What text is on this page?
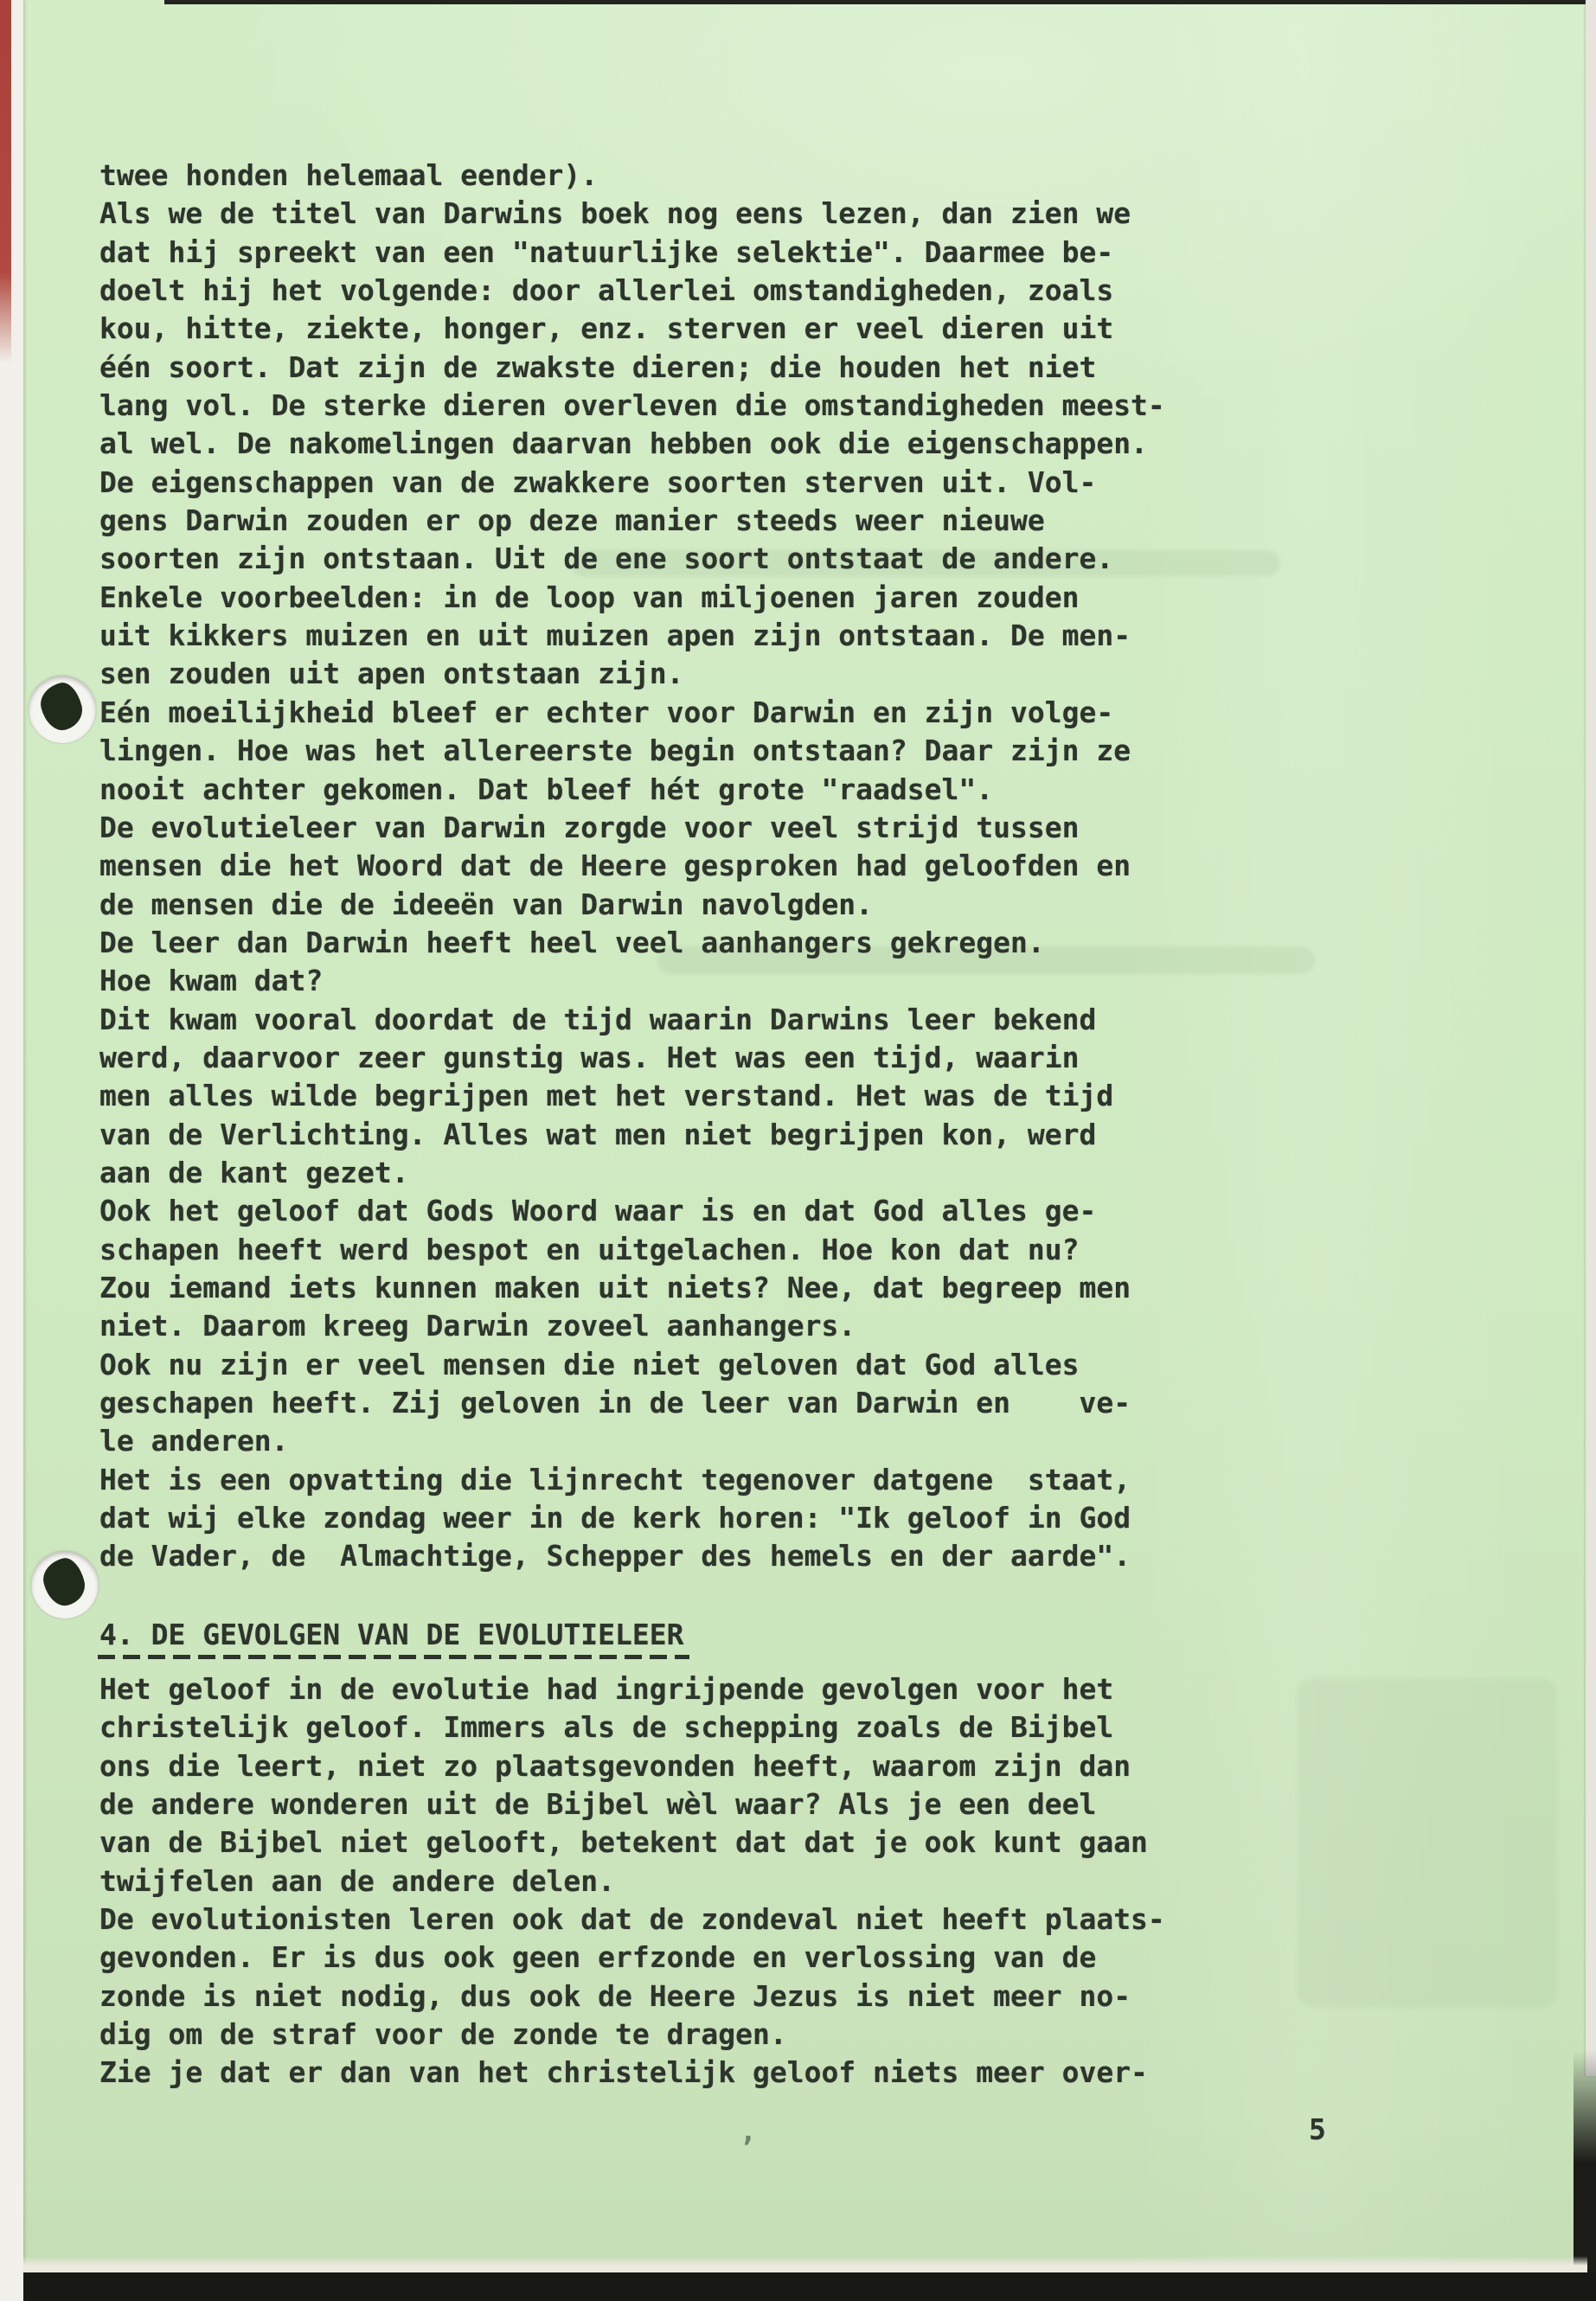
twee honden helemaal eender).
Als we de titel van Darwins boek nog eens lezen, dan zien we
dat hij spreekt van een "natuurlijke selektie". Daarmee be-
doelt hij het volgende: door allerlei omstandigheden, zoals
kou, hitte, ziekte, honger, enz. sterven er veel dieren uit
één soort. Dat zijn de zwakste dieren; die houden het niet
lang vol. De sterke dieren overleven die omstandigheden meest-
al wel. De nakomelingen daarvan hebben ook die eigenschappen.
De eigenschappen van de zwakkere soorten sterven uit. Vol-
gens Darwin zouden er op deze manier steeds weer nieuwe
soorten zijn ontstaan. Uit de ene soort ontstaat de andere.
Enkele voorbeelden: in de loop van miljoenen jaren zouden
uit kikkers muizen en uit muizen apen zijn ontstaan. De men-
sen zouden uit apen ontstaan zijn.
Eén moeilijkheid bleef er echter voor Darwin en zijn volge-
lingen. Hoe was het allereerste begin ontstaan? Daar zijn ze
nooit achter gekomen. Dat bleef hét grote "raadsel".
De evolutieleer van Darwin zorgde voor veel strijd tussen
mensen die het Woord dat de Heere gesproken had geloofden en
de mensen die de ideeën van Darwin navolgden.
De leer dan Darwin heeft heel veel aanhangers gekregen.
Hoe kwam dat?
Dit kwam vooral doordat de tijd waarin Darwins leer bekend
werd, daarvoor zeer gunstig was. Het was een tijd, waarin
men alles wilde begrijpen met het verstand. Het was de tijd
van de Verlichting. Alles wat men niet begrijpen kon, werd
aan de kant gezet.
Ook het geloof dat Gods Woord waar is en dat God alles ge-
schapen heeft werd bespot en uitgelachen. Hoe kon dat nu?
Zou iemand iets kunnen maken uit niets? Nee, dat begreep men
niet. Daarom kreeg Darwin zoveel aanhangers.
Ook nu zijn er veel mensen die niet geloven dat God alles
geschapen heeft. Zij geloven in de leer van Darwin en    ve-
le anderen.
Het is een opvatting die lijnrecht tegenover datgene  staat,
dat wij elke zondag weer in de kerk horen: "Ik geloof in God
de Vader, de  Almachtige, Schepper des hemels en der aarde".
4. DE GEVOLGEN VAN DE EVOLUTIELEER
Het geloof in de evolutie had ingrijpende gevolgen voor het
christelijk geloof. Immers als de schepping zoals de Bijbel
ons die leert, niet zo plaatsgevonden heeft, waarom zijn dan
de andere wonderen uit de Bijbel wèl waar? Als je een deel
van de Bijbel niet gelooft, betekent dat dat je ook kunt gaan
twijfelen aan de andere delen.
De evolutionisten leren ook dat de zondeval niet heeft plaats-
gevonden. Er is dus ook geen erfzonde en verlossing van de
zonde is niet nodig, dus ook de Heere Jezus is niet meer no-
dig om de straf voor de zonde te dragen.
Zie je dat er dan van het christelijk geloof niets meer over-
5
,
